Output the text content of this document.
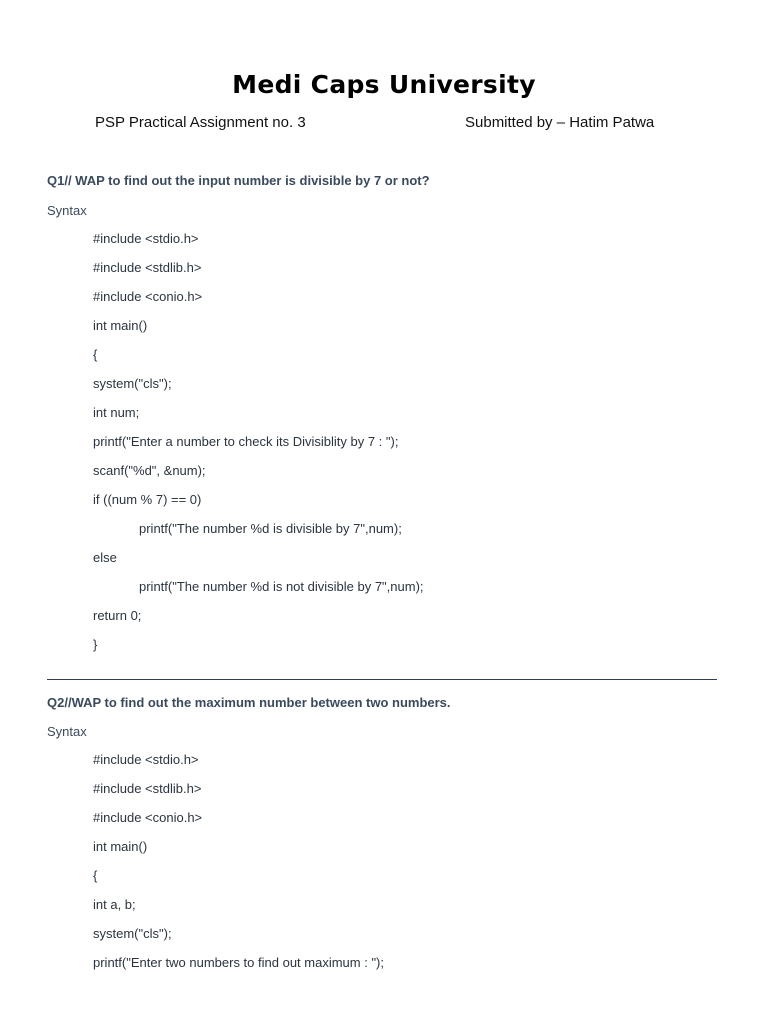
Medi Caps University
PSP Practical Assignment no. 3	Submitted by – Hatim Patwa
Q1// WAP to find out the input number is divisible by 7 or not?
Syntax
#include <stdio.h>
#include <stdlib.h>
#include <conio.h>
int main()
{
system("cls");
int num;
printf("Enter a number to check its Divisiblity by 7 : ");
scanf("%d", &num);
if ((num % 7) == 0)
printf("The number %d is divisible by 7",num);
else
printf("The number %d is not divisible by 7",num);
return 0;
}
Q2//WAP to find out the maximum number between two numbers.
Syntax
#include <stdio.h>
#include <stdlib.h>
#include <conio.h>
int main()
{
int a, b;
system("cls");
printf("Enter two numbers to find out maximum : ");
